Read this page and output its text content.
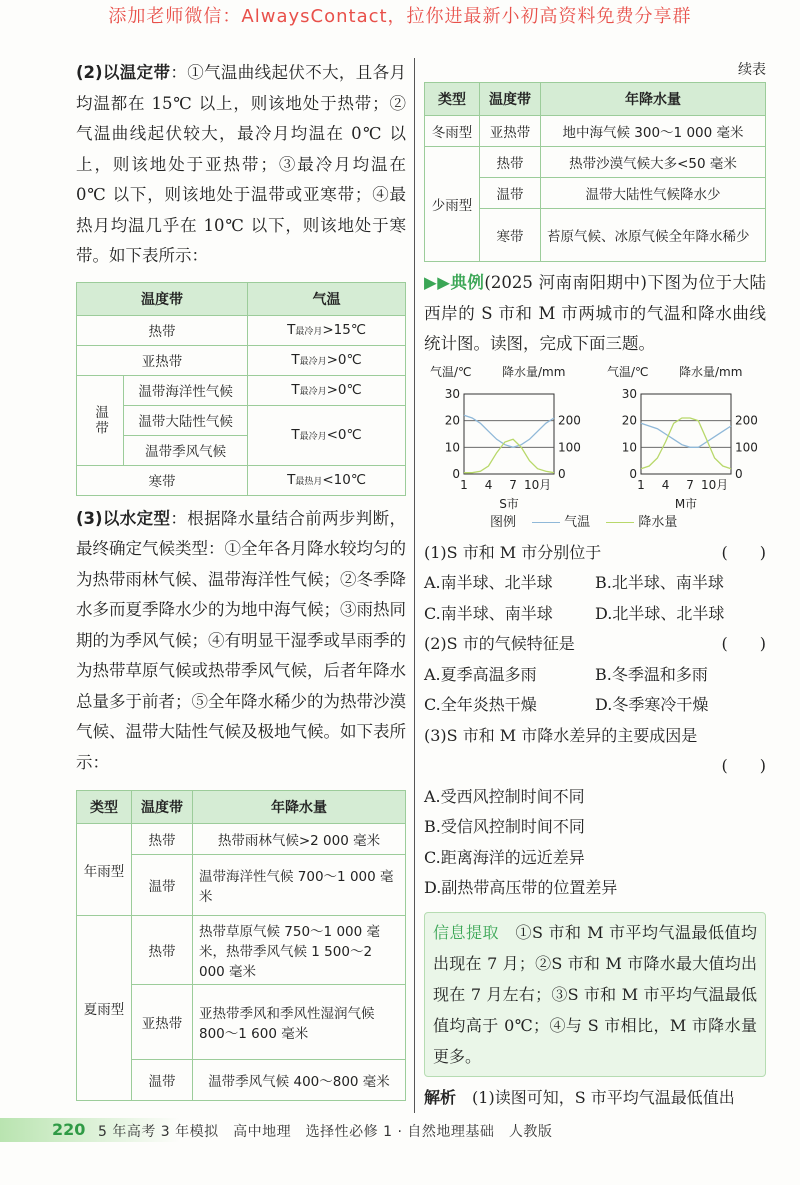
添加老师微信：AlwaysContact，拉你进最新小初高资料免费分享群

(2)以温定带：①气温曲线起伏不大，且各月均温都在 15℃ 以上，则该地处于热带；②气温曲线起伏较大，最冷月均温在 0℃ 以上，则该地处于亚热带；③最冷月均温在 0℃ 以下，则该地处于温带或亚寒带；④最热月均温几乎在 10℃ 以下，则该地处于寒带。如下表所示：

温度带		气温
热带		T最冷月>15℃
亚热带		T最冷月>0℃
温带	温带海洋性气候	T最冷月>0℃
	温带大陆性气候	T最冷月<0℃
	温带季风气候	
寒带		T最热月<10℃

(3)以水定型：根据降水量结合前两步判断，最终确定气候类型：①全年各月降水较均匀的为热带雨林气候、温带海洋性气候；②冬季降水多而夏季降水少的为地中海气候；③雨热同期的为季风气候；④有明显干湿季或旱雨季的为热带草原气候或热带季风气候，后者年降水总量多于前者；⑤全年降水稀少的为热带沙漠气候、温带大陆性气候及极地气候。如下表所示：

类型	温度带	年降水量
年雨型	热带	热带雨林气候>2 000 毫米
	温带	温带海洋性气候 700～1 000 毫米
夏雨型	热带	热带草原气候 750～1 000 毫米，热带季风气候 1 500～2 000 毫米
	亚热带	亚热带季风和季风性湿润气候 800～1 600 毫米
	温带	温带季风气候 400～800 毫米
续表
类型	温度带	年降水量
冬雨型	亚热带	地中海气候 300～1 000 毫米
少雨型	热带	热带沙漠气候大多<50 毫米
	温带	温带大陆性气候降水少
	寒带	苔原气候、冰原气候全年降水稀少

▶▶典例(2025 河南南阳期中)下图为位于大陆西岸的 S 市和 M 市两城市的气温和降水曲线统计图。读图，完成下面三题。

气温/℃	降水量/mm
0
10
20
30
0
100
200
1 4 7 10月
S市
气温/℃	降水量/mm
0
10
20
30
0
100
200
1 4 7 10月
M市
图例	气温	降水量
(1)S 市和 M 市分别位于	(　　)
A.南半球、北半球	B.北半球、南半球
C.南半球、南半球	D.北半球、北半球
(2)S 市的气候特征是	(　　)
A.夏季高温多雨	B.冬季温和多雨
C.全年炎热干燥	D.冬季寒冷干燥
(3)S 市和 M 市降水差异的主要成因是
(　　)
A.受西风控制时间不同
B.受信风控制时间不同
C.距离海洋的远近差异
D.副热带高压带的位置差异
信息提取　 ①S 市和 M 市平均气温最低值均出现在 7 月；②S 市和 M 市降水最大值均出现在 7 月左右；③S 市和 M 市平均气温最低值均高于 0℃；④与 S 市相比，M 市降水量更多。
解析　 (1)读图可知，S 市平均气温最低值出
220 5 年高考 3 年模拟　高中地理　选择性必修 1 · 自然地理基础　人教版
